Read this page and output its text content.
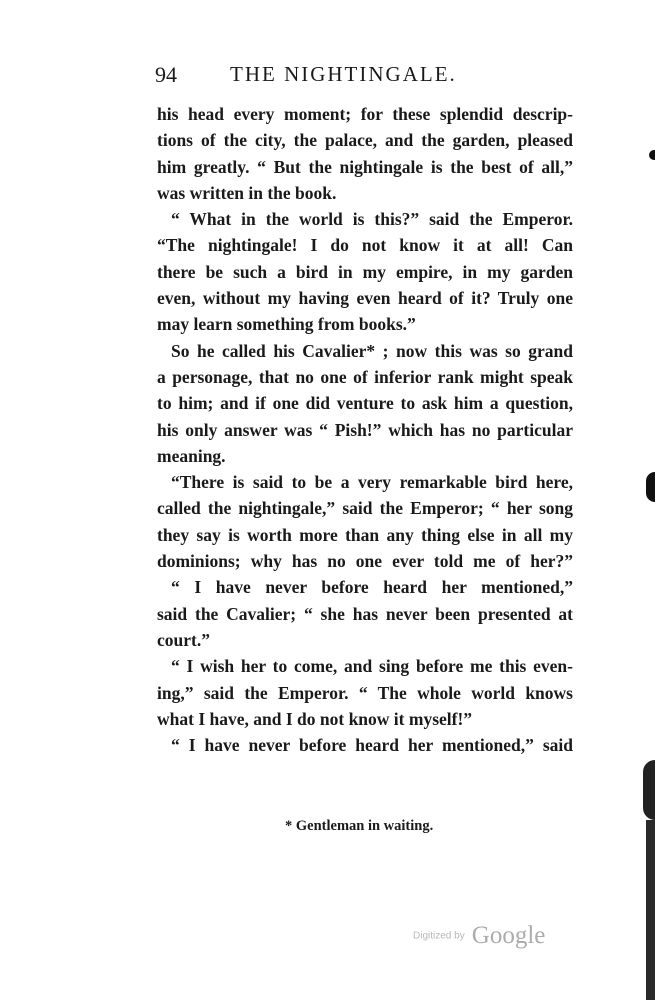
94	THE NIGHTINGALE.
his head every moment; for these splendid descrip-
tions of the city, the palace, and the garden, pleased
him greatly. “ But the nightingale is the best of all,”
was written in the book.
“ What in the world is this?” said the Emperor.
“The nightingale! I do not know it at all! Can
there be such a bird in my empire, in my garden
even, without my having even heard of it? Truly one
may learn something from books.”
So he called his Cavalier* ; now this was so grand
a personage, that no one of inferior rank might speak
to him; and if one did venture to ask him a question,
his only answer was “ Pish!” which has no particular
meaning.
“There is said to be a very remarkable bird here,
called the nightingale,” said the Emperor; “ her song
they say is worth more than any thing else in all my
dominions; why has no one ever told me of her?”
“ I have never before heard her mentioned,”
said the Cavalier; “ she has never been presented at
court.”
“ I wish her to come, and sing before me this even-
ing,” said the Emperor. “ The whole world knows
what I have, and I do not know it myself!”
“ I have never before heard her mentioned,” said
* Gentleman in waiting.
Digitized by Google
